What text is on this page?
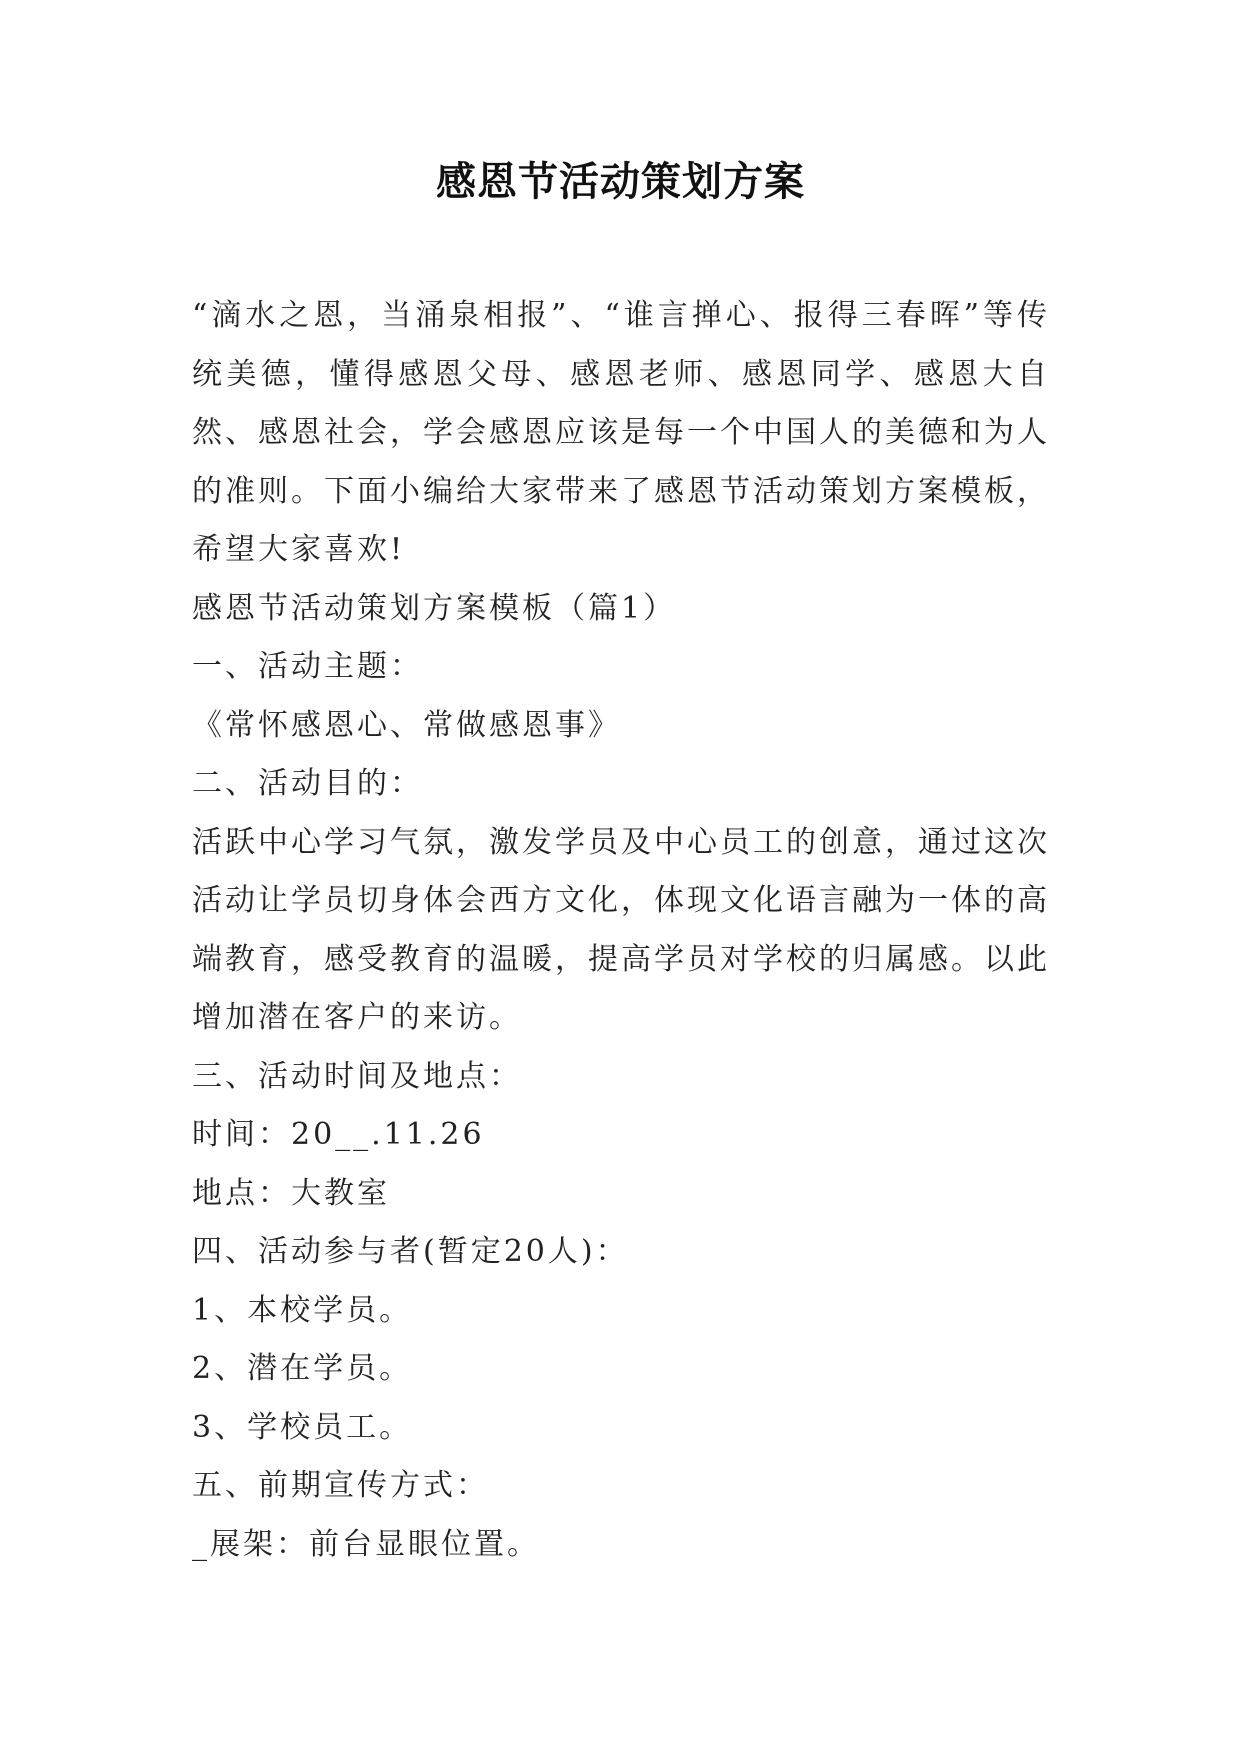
感恩节活动策划方案

“滴水之恩，当涌泉相报”、“谁言掸心、报得三春晖”等传统美德，懂得感恩父母、感恩老师、感恩同学、感恩大自然、感恩社会，学会感恩应该是每一个中国人的美德和为人的准则。下面小编给大家带来了感恩节活动策划方案模板，希望大家喜欢!

感恩节活动策划方案模板（篇1）

一、活动主题：

《常怀感恩心、常做感恩事》

二、活动目的：

活跃中心学习气氛，激发学员及中心员工的创意，通过这次活动让学员切身体会西方文化，体现文化语言融为一体的高端教育，感受教育的温暖，提高学员对学校的归属感。以此增加潜在客户的来访。

三、活动时间及地点：

时间：20__.11.26

地点：大教室

四、活动参与者(暂定20人)：

1、本校学员。

2、潜在学员。

3、学校员工。

五、前期宣传方式：

_展架：前台显眼位置。
